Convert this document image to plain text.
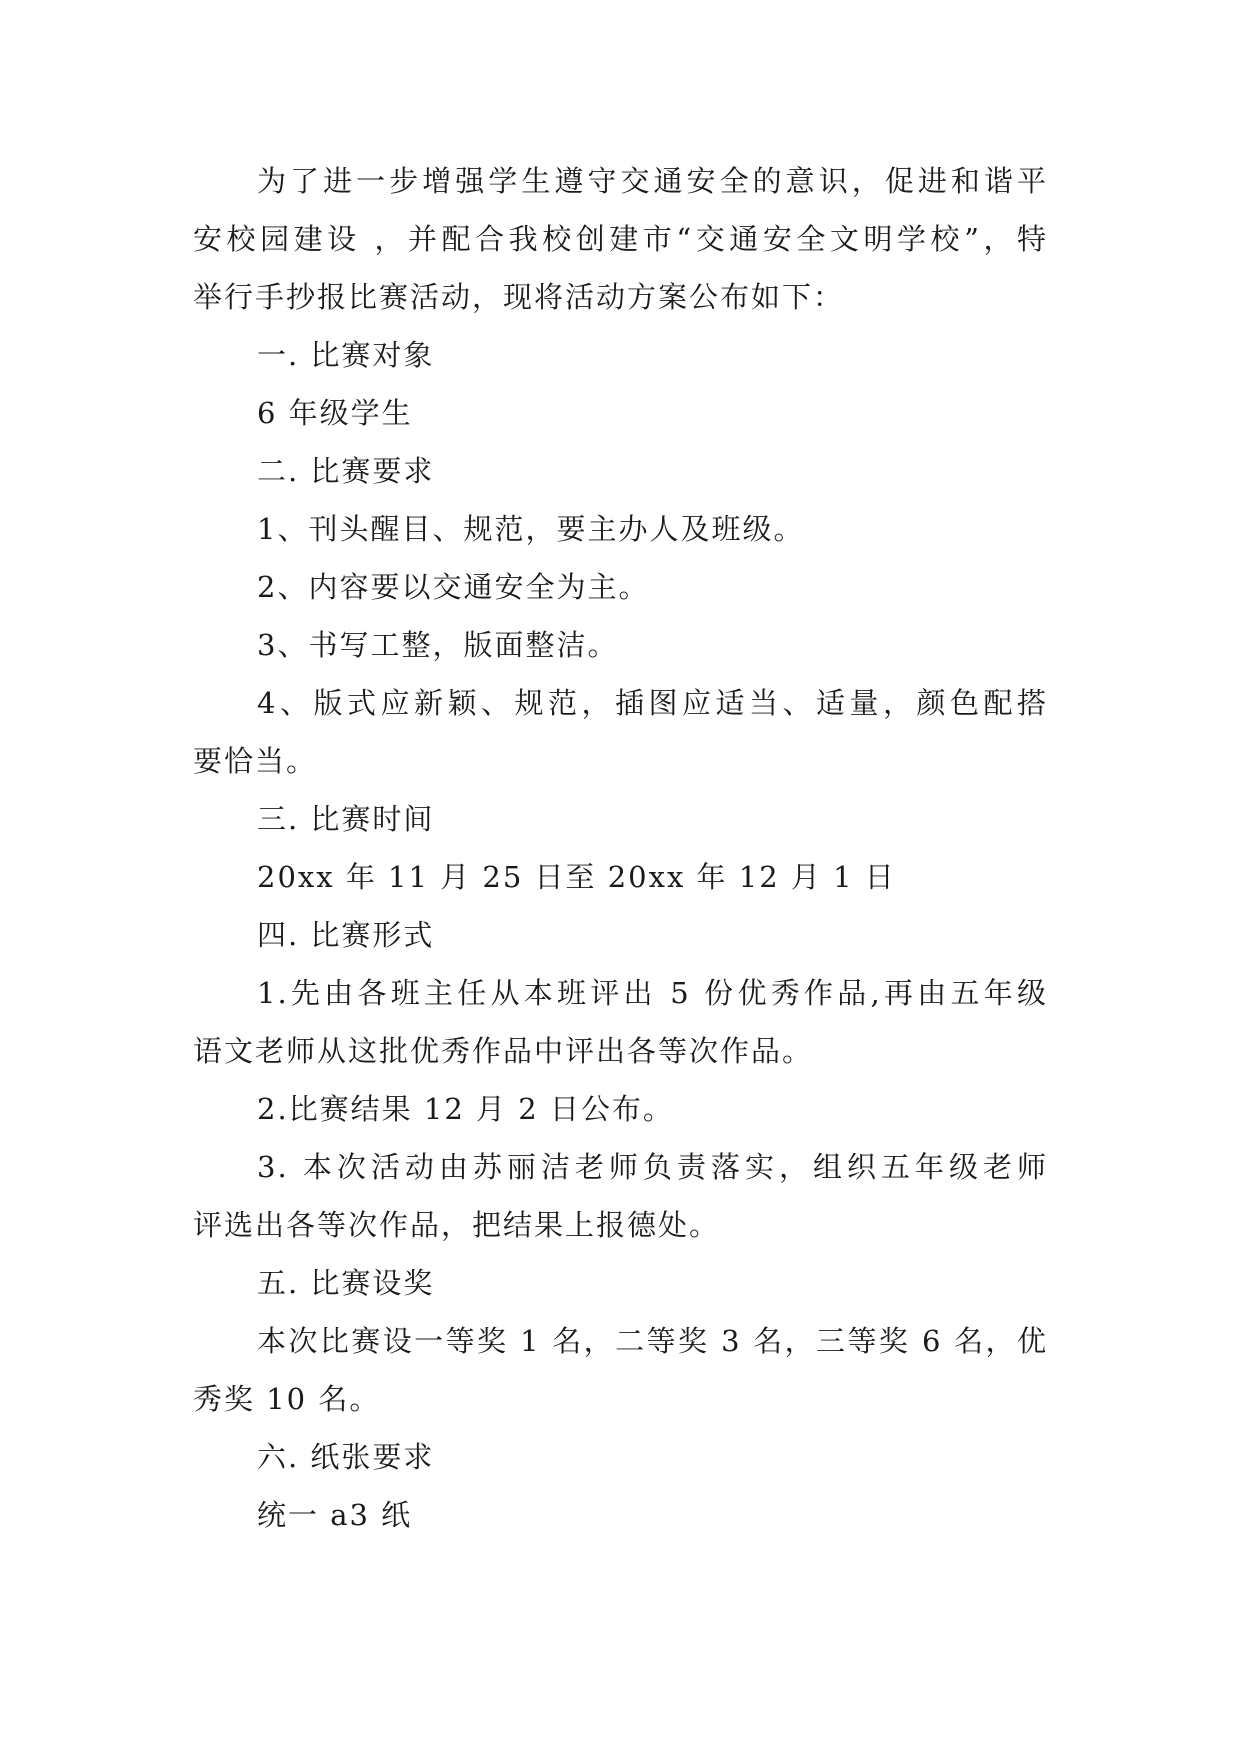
为了进一步增强学生遵守交通安全的意识，促进和谐平
安校园建设 ，并配合我校创建市“交通安全文明学校”，特
举行手抄报比赛活动，现将活动方案公布如下：
一. 比赛对象
6 年级学生
二. 比赛要求
1、刊头醒目、规范，要主办人及班级。
2、内容要以交通安全为主。
3、书写工整，版面整洁。
4、版式应新颖、规范，插图应适当、适量，颜色配搭
要恰当。
三. 比赛时间
20xx 年 11 月 25 日至 20xx 年 12 月 1 日
四. 比赛形式
1.先由各班主任从本班评出 5 份优秀作品,再由五年级
语文老师从这批优秀作品中评出各等次作品。
2.比赛结果 12 月 2 日公布。
3. 本次活动由苏丽洁老师负责落实，组织五年级老师
评选出各等次作品，把结果上报德处。
五. 比赛设奖
本次比赛设一等奖 1 名，二等奖 3 名，三等奖 6 名，优
秀奖 10 名。
六. 纸张要求
统一 a3 纸
